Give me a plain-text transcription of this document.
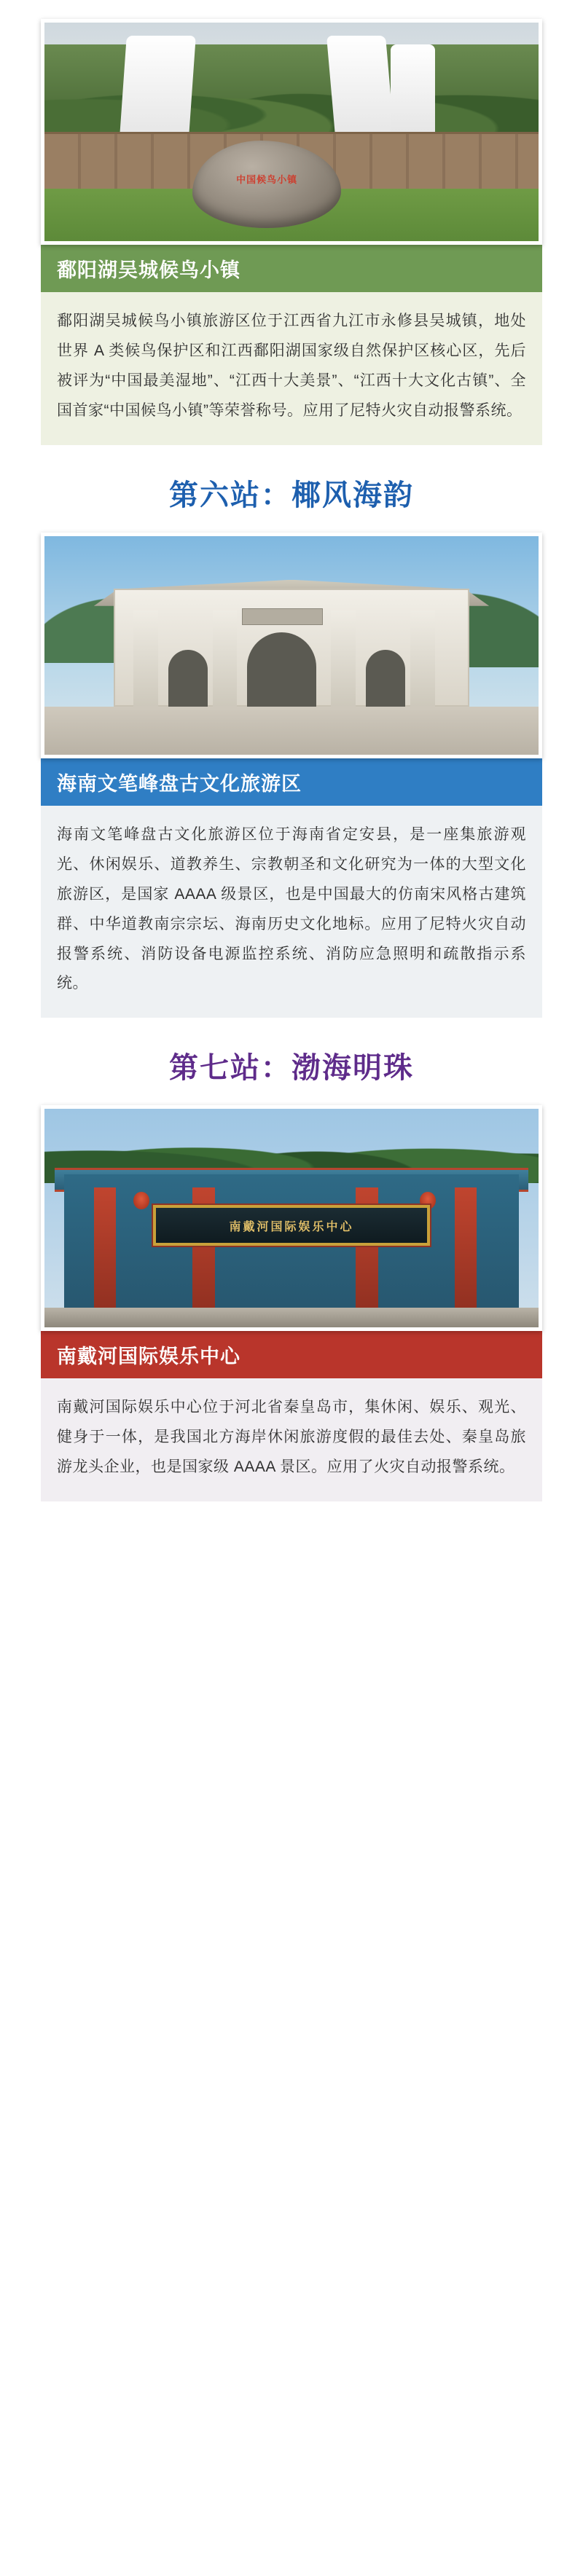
中国候鸟小镇
鄱阳湖吴城候鸟小镇
鄱阳湖吴城候鸟小镇旅游区位于江西省九江市永修县吴城镇，地处世界 A 类候鸟保护区和江西鄱阳湖国家级自然保护区核心区，先后被评为“中国最美湿地”、“江西十大美景”、“江西十大文化古镇”、全国首家“中国候鸟小镇”等荣誉称号。应用了尼特火灾自动报警系统。
第六站：椰风海韵
海南文笔峰盘古文化旅游区
海南文笔峰盘古文化旅游区位于海南省定安县，是一座集旅游观光、休闲娱乐、道教养生、宗教朝圣和文化研究为一体的大型文化旅游区，是国家 AAAA 级景区，也是中国最大的仿南宋风格古建筑群、中华道教南宗宗坛、海南历史文化地标。应用了尼特火灾自动报警系统、消防设备电源监控系统、消防应急照明和疏散指示系统。
第七站：渤海明珠
南戴河国际娱乐中心
南戴河国际娱乐中心
南戴河国际娱乐中心位于河北省秦皇岛市，集休闲、娱乐、观光、健身于一体，是我国北方海岸休闲旅游度假的最佳去处、秦皇岛旅游龙头企业，也是国家级 AAAA 景区。应用了火灾自动报警系统。
